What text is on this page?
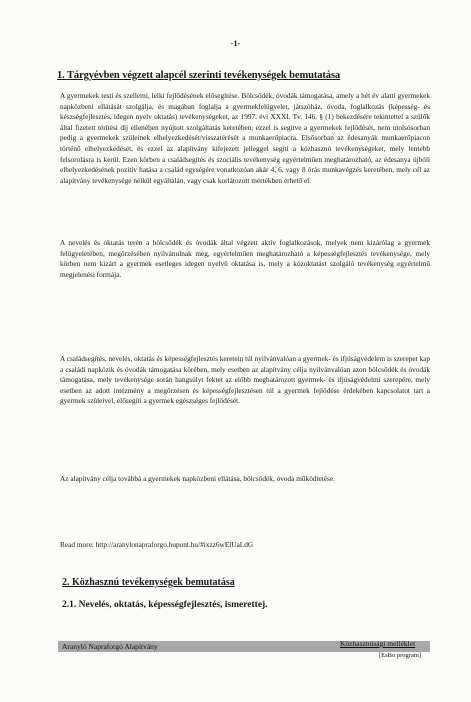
-1-
1. Tárgyévben végzett alapcél szerinti tevékenységek bemutatása
A gyermekek testi és szellemi, lelki fejlődésének elősegítése. Bölcsődék, óvodák támogatása, amely a hét év alatti gyermekek napközbeni ellátását szolgálja, és magában foglalja a gyermekfelügyelet, játszóház, óvoda, foglalkozás (képesség- és készségfejlesztés, idegen nyelv oktatás) tevékenységeket, az 1997. évi XXXI. Tv. 146. § (1) bekezdésére tekintettel a szülők által fizetett térítési díj ellenében nyújtott szolgáltatás keretében, ezzel is segítve a gyermekek fejlődését, nem utolsósorban pedig a gyermekek szüleinek elhelyezkedését/visszatérését a munkaerőpiacra. Elsősorban az édesanyák munkaerőpiacon történő elhelyezkedését, és ezzel az alapítvány kifejezett jelleggel segíti a közhasznú tevékenységeket, mely lentebb felsorolásra is kerül. Ezen körben a családsegítés és szociális tevékenység egyértelműen meghatározható, az édesanya újbóli elhelyezkedésének pozitív hatása a család egységére vonatkozóan akár 4, 6, vagy 8 órás munkavégzés keretében, mely cél az alapítvány tevékenysége nélkül egyáltalán, vagy csak korlátozott mértékben érhető el.
A nevelés és oktatás terén a bölcsődék és óvodák által végzett aktív foglalkozások, melyek nem kizárólag a gyermek felügyeletében, megőrzésében nyilvánulnak meg, egyértelműen meghatározható a képességfejlesztés tevékenysége, mely körben nem kizárt a gyermek esetleges idegen nyelvű oktatása is, mely a közoktatást szolgáló tevékenység egyértelmű megjelenési formája.
A családsegítés, nevelés, oktatás és képességfejlesztés keretein túl nyilvánvalóan a gyermek- és ifjúságvédelem is szerepet kap a családi napközik és óvodák támogatása körében, mely esetben az alapítvány célja nyilvánvalóan azon bölcsődék és óvodák támogatása, mely tevékenysége során hangsúlyt fektet az előbb meghatározott gyermek- és ifjúságvédelmi szerepére, mely esetben az adott intézmény a megőrzésen és képességfejlesztésen túl a gyermek fejlődése érdekében kapcsolatot tart a gyermek szüleivel, elősegíti a gyermek egészséges fejlődését.
Az alapítvány célja továbbá a gyermekek napközbeni ellátása, bölcsődék, óvoda működtetése.
Read more: http://aranylonapraforgo.hupont.hu/#ixzz6wElUaLdG
2. Közhasznú tevékenységek bemutatása
2.1. Nevelés, oktatás, képességfejlesztés, ismerettej.
Aranyló Napraforgó Alapítvány	Közhasznúsági melléklet
[EsBo program]
